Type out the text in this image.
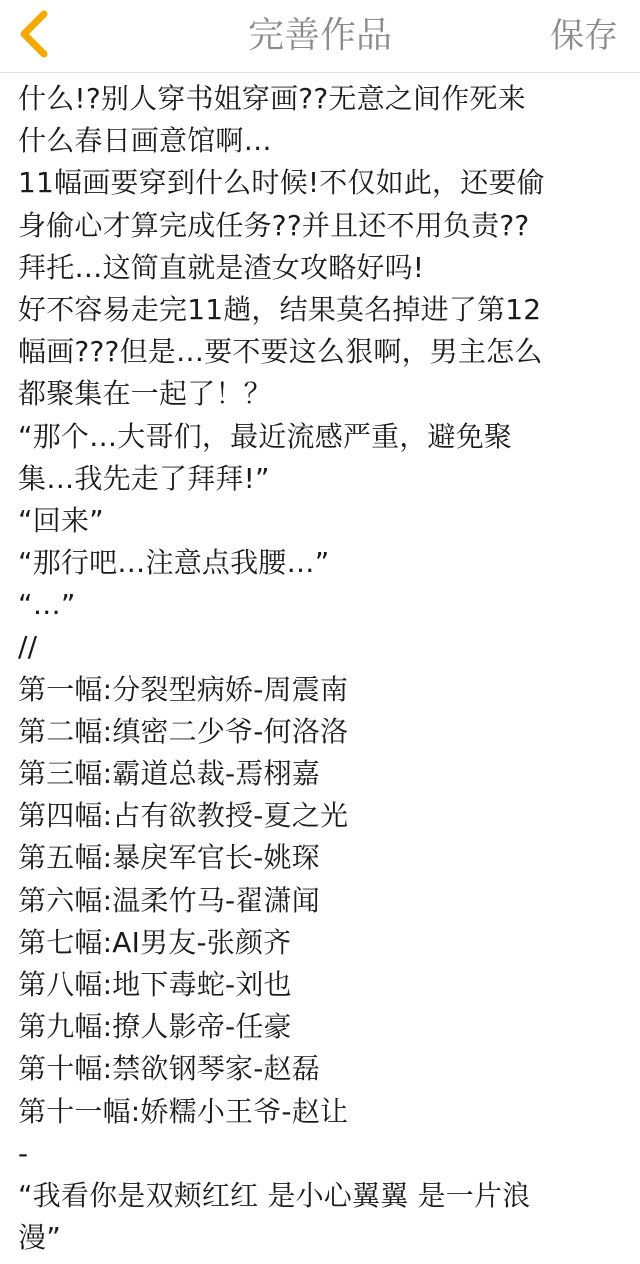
完善作品	保存
什么!?别人穿书姐穿画??无意之间作死来
什么春日画意馆啊…
11幅画要穿到什么时候!不仅如此，还要偷
身偷心才算完成任务??并且还不用负责??
拜托…这简直就是渣女攻略好吗!
好不容易走完11趟，结果莫名掉进了第12
幅画???但是…要不要这么狠啊，男主怎么
都聚集在一起了！？
“那个…大哥们，最近流感严重，避免聚
集…我先走了拜拜!”
“回来”
“那行吧…注意点我腰…”
“…”
//
第一幅:分裂型病娇-周震南
第二幅:缜密二少爷-何洛洛
第三幅:霸道总裁-焉栩嘉
第四幅:占有欲教授-夏之光
第五幅:暴戾军官长-姚琛
第六幅:温柔竹马-翟潇闻
第七幅:AI男友-张颜齐
第八幅:地下毒蛇-刘也
第九幅:撩人影帝-任豪
第十幅:禁欲钢琴家-赵磊
第十一幅:娇糯小王爷-赵让
-
“我看你是双颊红红 是小心翼翼 是一片浪
漫”
